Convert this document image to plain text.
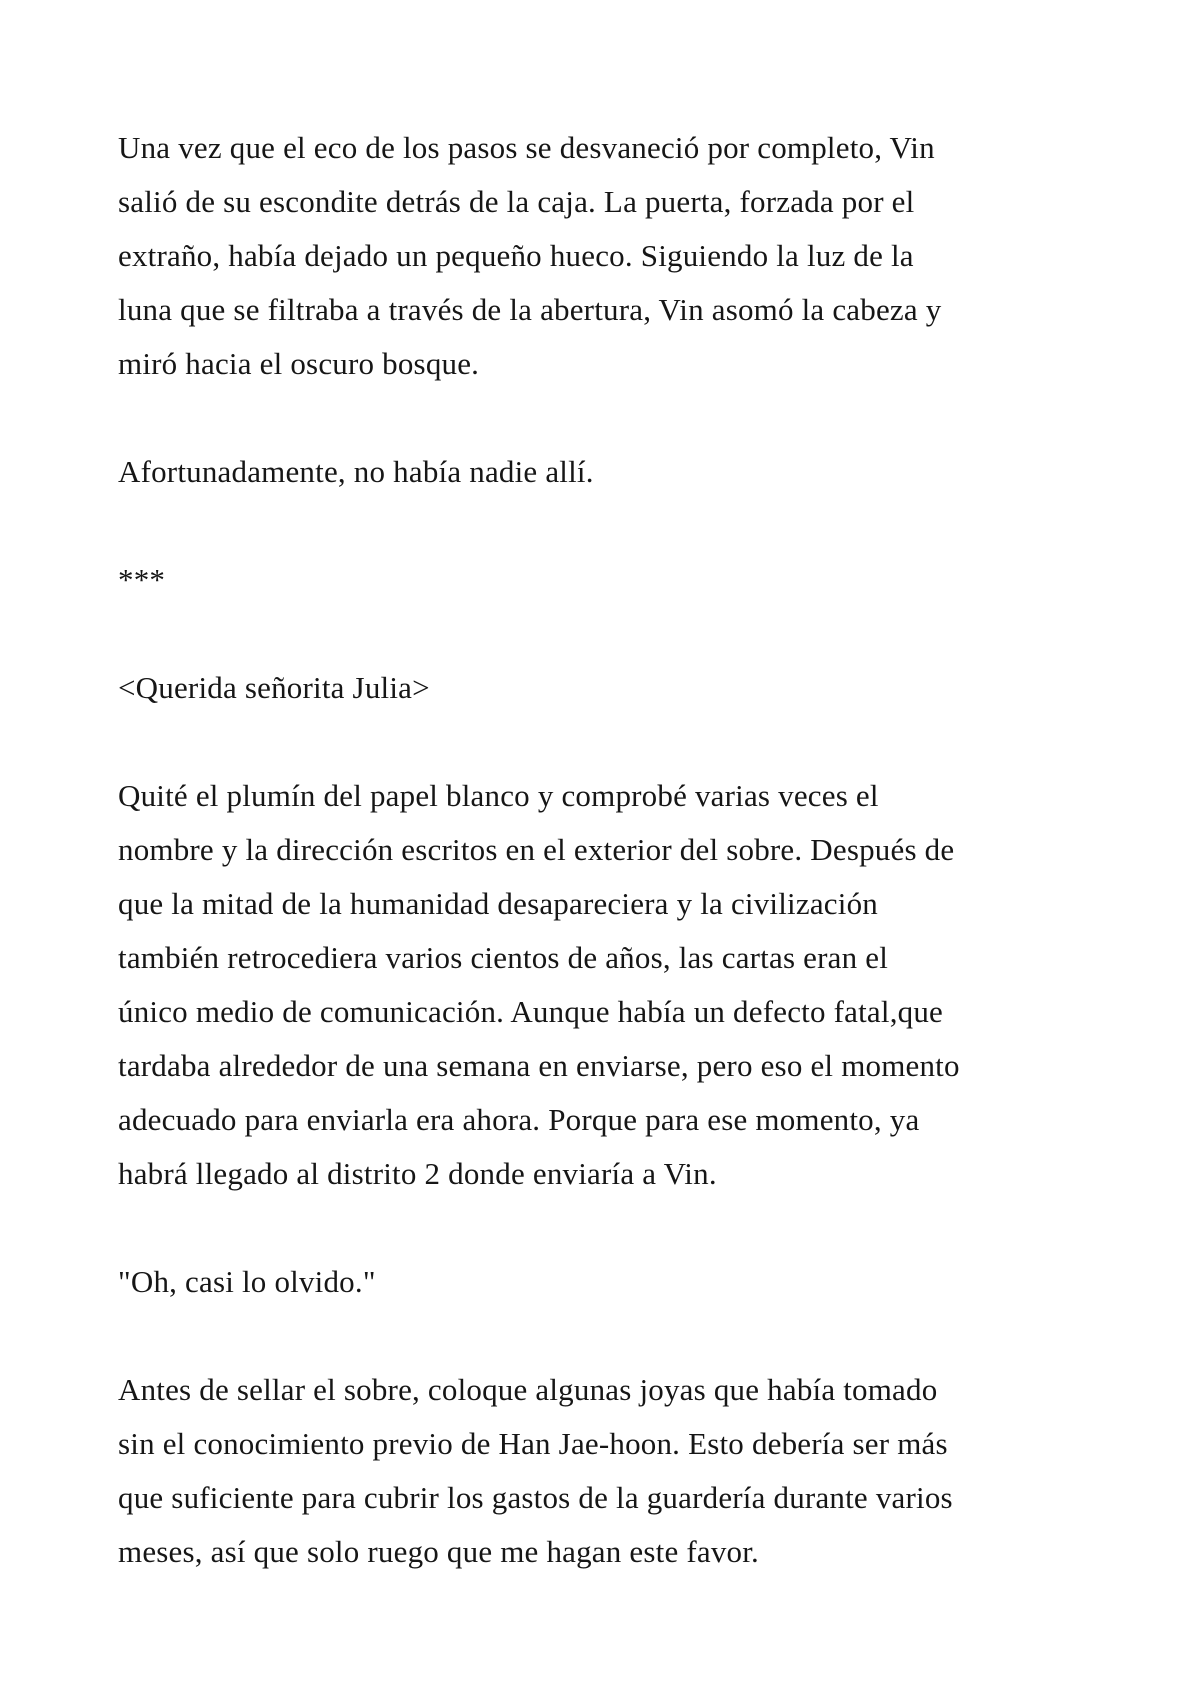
Una vez que el eco de los pasos se desvaneció por completo, Vin
salió de su escondite detrás de la caja. La puerta, forzada por el
extraño, había dejado un pequeño hueco. Siguiendo la luz de la
luna que se filtraba a través de la abertura, Vin asomó la cabeza y
miró hacia el oscuro bosque.
Afortunadamente, no había nadie allí.
***
<Querida señorita Julia>
Quité el plumín del papel blanco y comprobé varias veces el
nombre y la dirección escritos en el exterior del sobre. Después de
que la mitad de la humanidad desapareciera y la civilización
también retrocediera varios cientos de años, las cartas eran el
único medio de comunicación. Aunque había un defecto fatal,que
tardaba alrededor de una semana en enviarse, pero eso el momento
adecuado para enviarla era ahora. Porque para ese momento, ya
habrá llegado al distrito 2 donde enviaría a Vin.
"Oh, casi lo olvido."
Antes de sellar el sobre, coloque algunas joyas que había tomado
sin el conocimiento previo de Han Jae-hoon. Esto debería ser más
que suficiente para cubrir los gastos de la guardería durante varios
meses, así que solo ruego que me hagan este favor.
